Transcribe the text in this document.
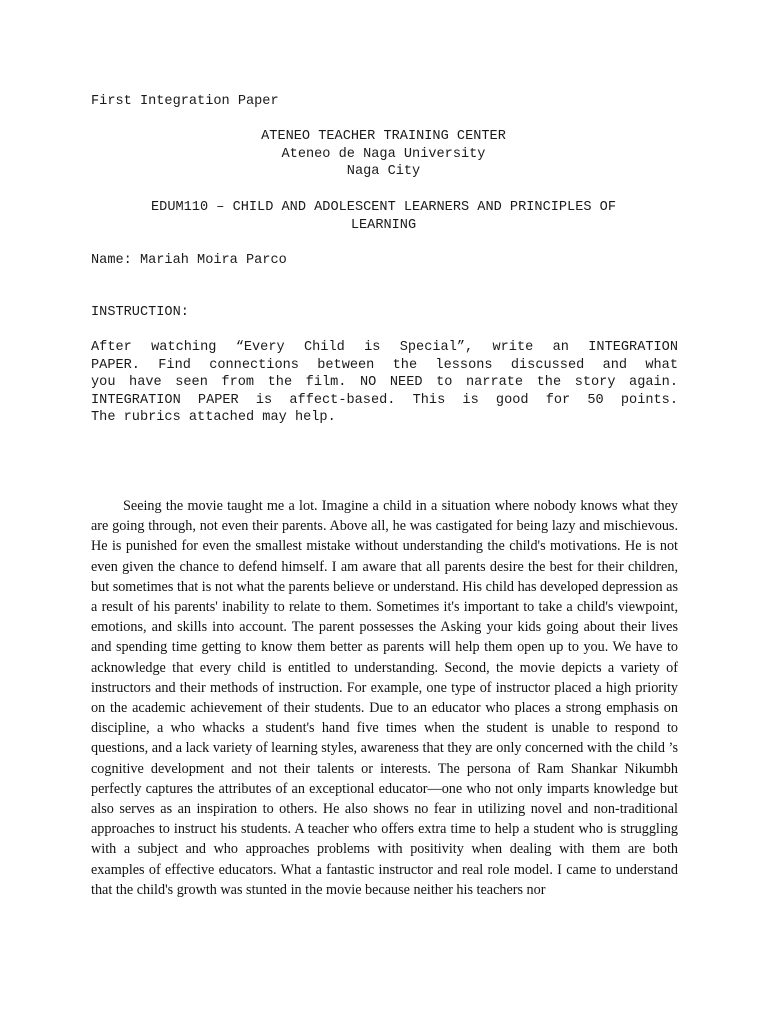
First Integration Paper
ATENEO TEACHER TRAINING CENTER
Ateneo de Naga University
Naga City
EDUM110 – CHILD AND ADOLESCENT LEARNERS AND PRINCIPLES OF
LEARNING
Name: Mariah Moira Parco
INSTRUCTION:
After watching “Every Child is Special”, write an INTEGRATION
PAPER. Find connections between the lessons discussed and what
you have seen from the film. NO NEED to narrate the story again.
INTEGRATION PAPER is affect-based. This is good for 50 points.
The rubrics attached may help.

Seeing the movie taught me a lot. Imagine a child in a situation where nobody knows what they are going through, not even their parents. Above all, he was castigated for being lazy and mischievous. He is punished for even the smallest mistake without understanding the child's motivations. He is not even given the chance to defend himself. I am aware that all parents desire the best for their children, but sometimes that is not what the parents believe or understand. His child has developed depression as a result of his parents' inability to relate to them. Sometimes it's important to take a child's viewpoint, emotions, and skills into account. The parent possesses the Asking your kids going about their lives and spending time getting to know them better as parents will help them open up to you. We have to acknowledge that every child is entitled to understanding. Second, the movie depicts a variety of instructors and their methods of instruction. For example, one type of instructor placed a high priority on the academic achievement of their students. Due to an educator who places a strong emphasis on discipline, a who whacks a student's hand five times when the student is unable to respond to questions, and a lack variety of learning styles, awareness that they are only concerned with the child ’s cognitive development and not their talents or interests. The persona of Ram Shankar Nikumbh perfectly captures the attributes of an exceptional educator—one who not only imparts knowledge but also serves as an inspiration to others. He also shows no fear in utilizing novel and non-traditional approaches to instruct his students. A teacher who offers extra time to help a student who is struggling with a subject and who approaches problems with positivity when dealing with them are both examples of effective educators. What a fantastic instructor and real role model. I came to understand that the child's growth was stunted in the movie because neither his teachers nor
